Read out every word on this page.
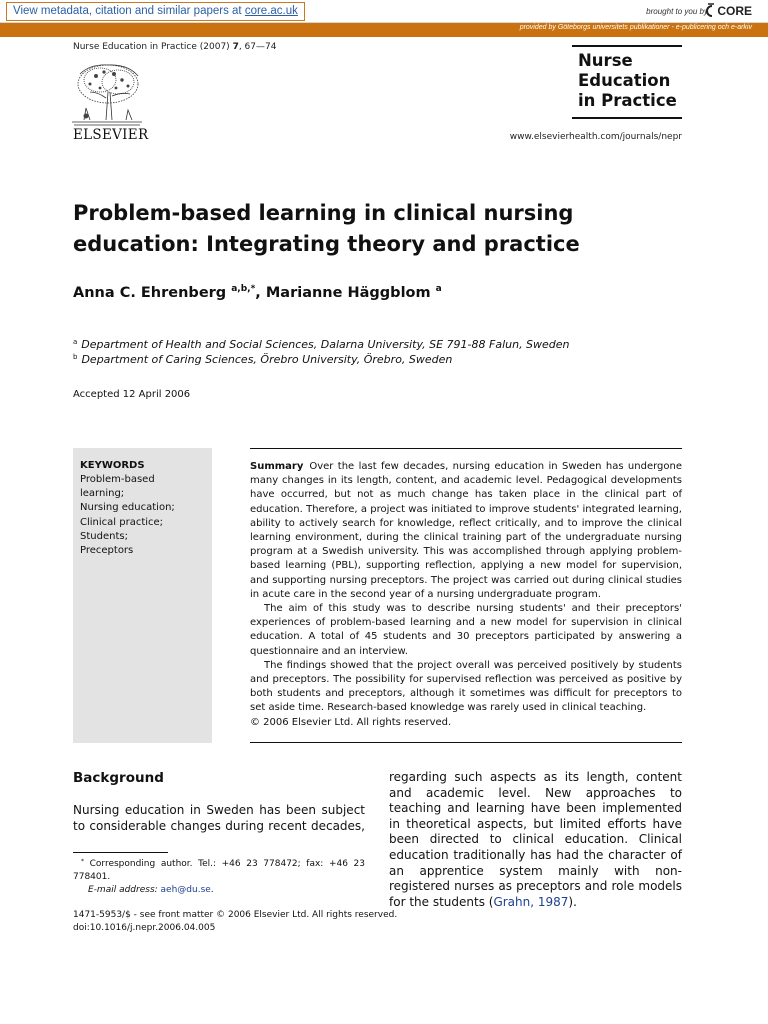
View metadata, citation and similar papers at core.ac.uk	brought to you by CORE
provided by Göteborgs universitets publikationer - e-publicering och e-arkiv
Nurse Education in Practice (2007) 7, 67—74
ELSEVIER
Nurse
Education
in Practice
www.elsevierhealth.com/journals/nepr
Problem-based learning in clinical nursing
education: Integrating theory and practice
Anna C. Ehrenberg $^{a,b,*}$, Marianne Häggblom $^a$
$^a$ Department of Health and Social Sciences, Dalarna University, SE 791-88 Falun, Sweden
$^b$ Department of Caring Sciences, Örebro University, Örebro, Sweden
Accepted 12 April 2006
KEYWORDS
Problem-based
learning;
Nursing education;
Clinical practice;
Students;
Preceptors

Summary Over the last few decades, nursing education in Sweden has undergone many changes in its length, content, and academic level. Pedagogical developments have occurred, but not as much change has taken place in the clinical part of education. Therefore, a project was initiated to improve students' integrated learning, ability to actively search for knowledge, reflect critically, and to improve the clinical learning environment, during the clinical training part of the undergraduate nursing program at a Swedish university. This was accomplished through applying problem-based learning (PBL), supporting reflection, applying a new model for supervision, and supporting nursing preceptors. The project was carried out during clinical studies in acute care in the second year of a nursing undergraduate program.

The aim of this study was to describe nursing students' and their preceptors' experiences of problem-based learning and a new model for supervision in clinical education. A total of 45 students and 30 preceptors participated by answering a questionnaire and an interview.

The findings showed that the project overall was perceived positively by students and preceptors. The possibility for supervised reflection was perceived as positive by both students and preceptors, although it sometimes was difficult for preceptors to set aside time. Research-based knowledge was rarely used in clinical teaching.
© 2006 Elsevier Ltd. All rights reserved.

Background
Nursing education in Sweden has been subject to considerable changes during recent decades,
regarding such aspects as its length, content and academic level. New approaches to teaching and learning have been implemented in theoretical aspects, but limited efforts have been directed to clinical education. Clinical education traditionally has had the character of an apprentice system mainly with non-registered nurses as preceptors and role models for the students (Grahn, 1987).
* Corresponding author. Tel.: +46 23 778472; fax: +46 23 778401.
E-mail address: aeh@du.se.
1471-5953/$ - see front matter © 2006 Elsevier Ltd. All rights reserved.
doi:10.1016/j.nepr.2006.04.005
